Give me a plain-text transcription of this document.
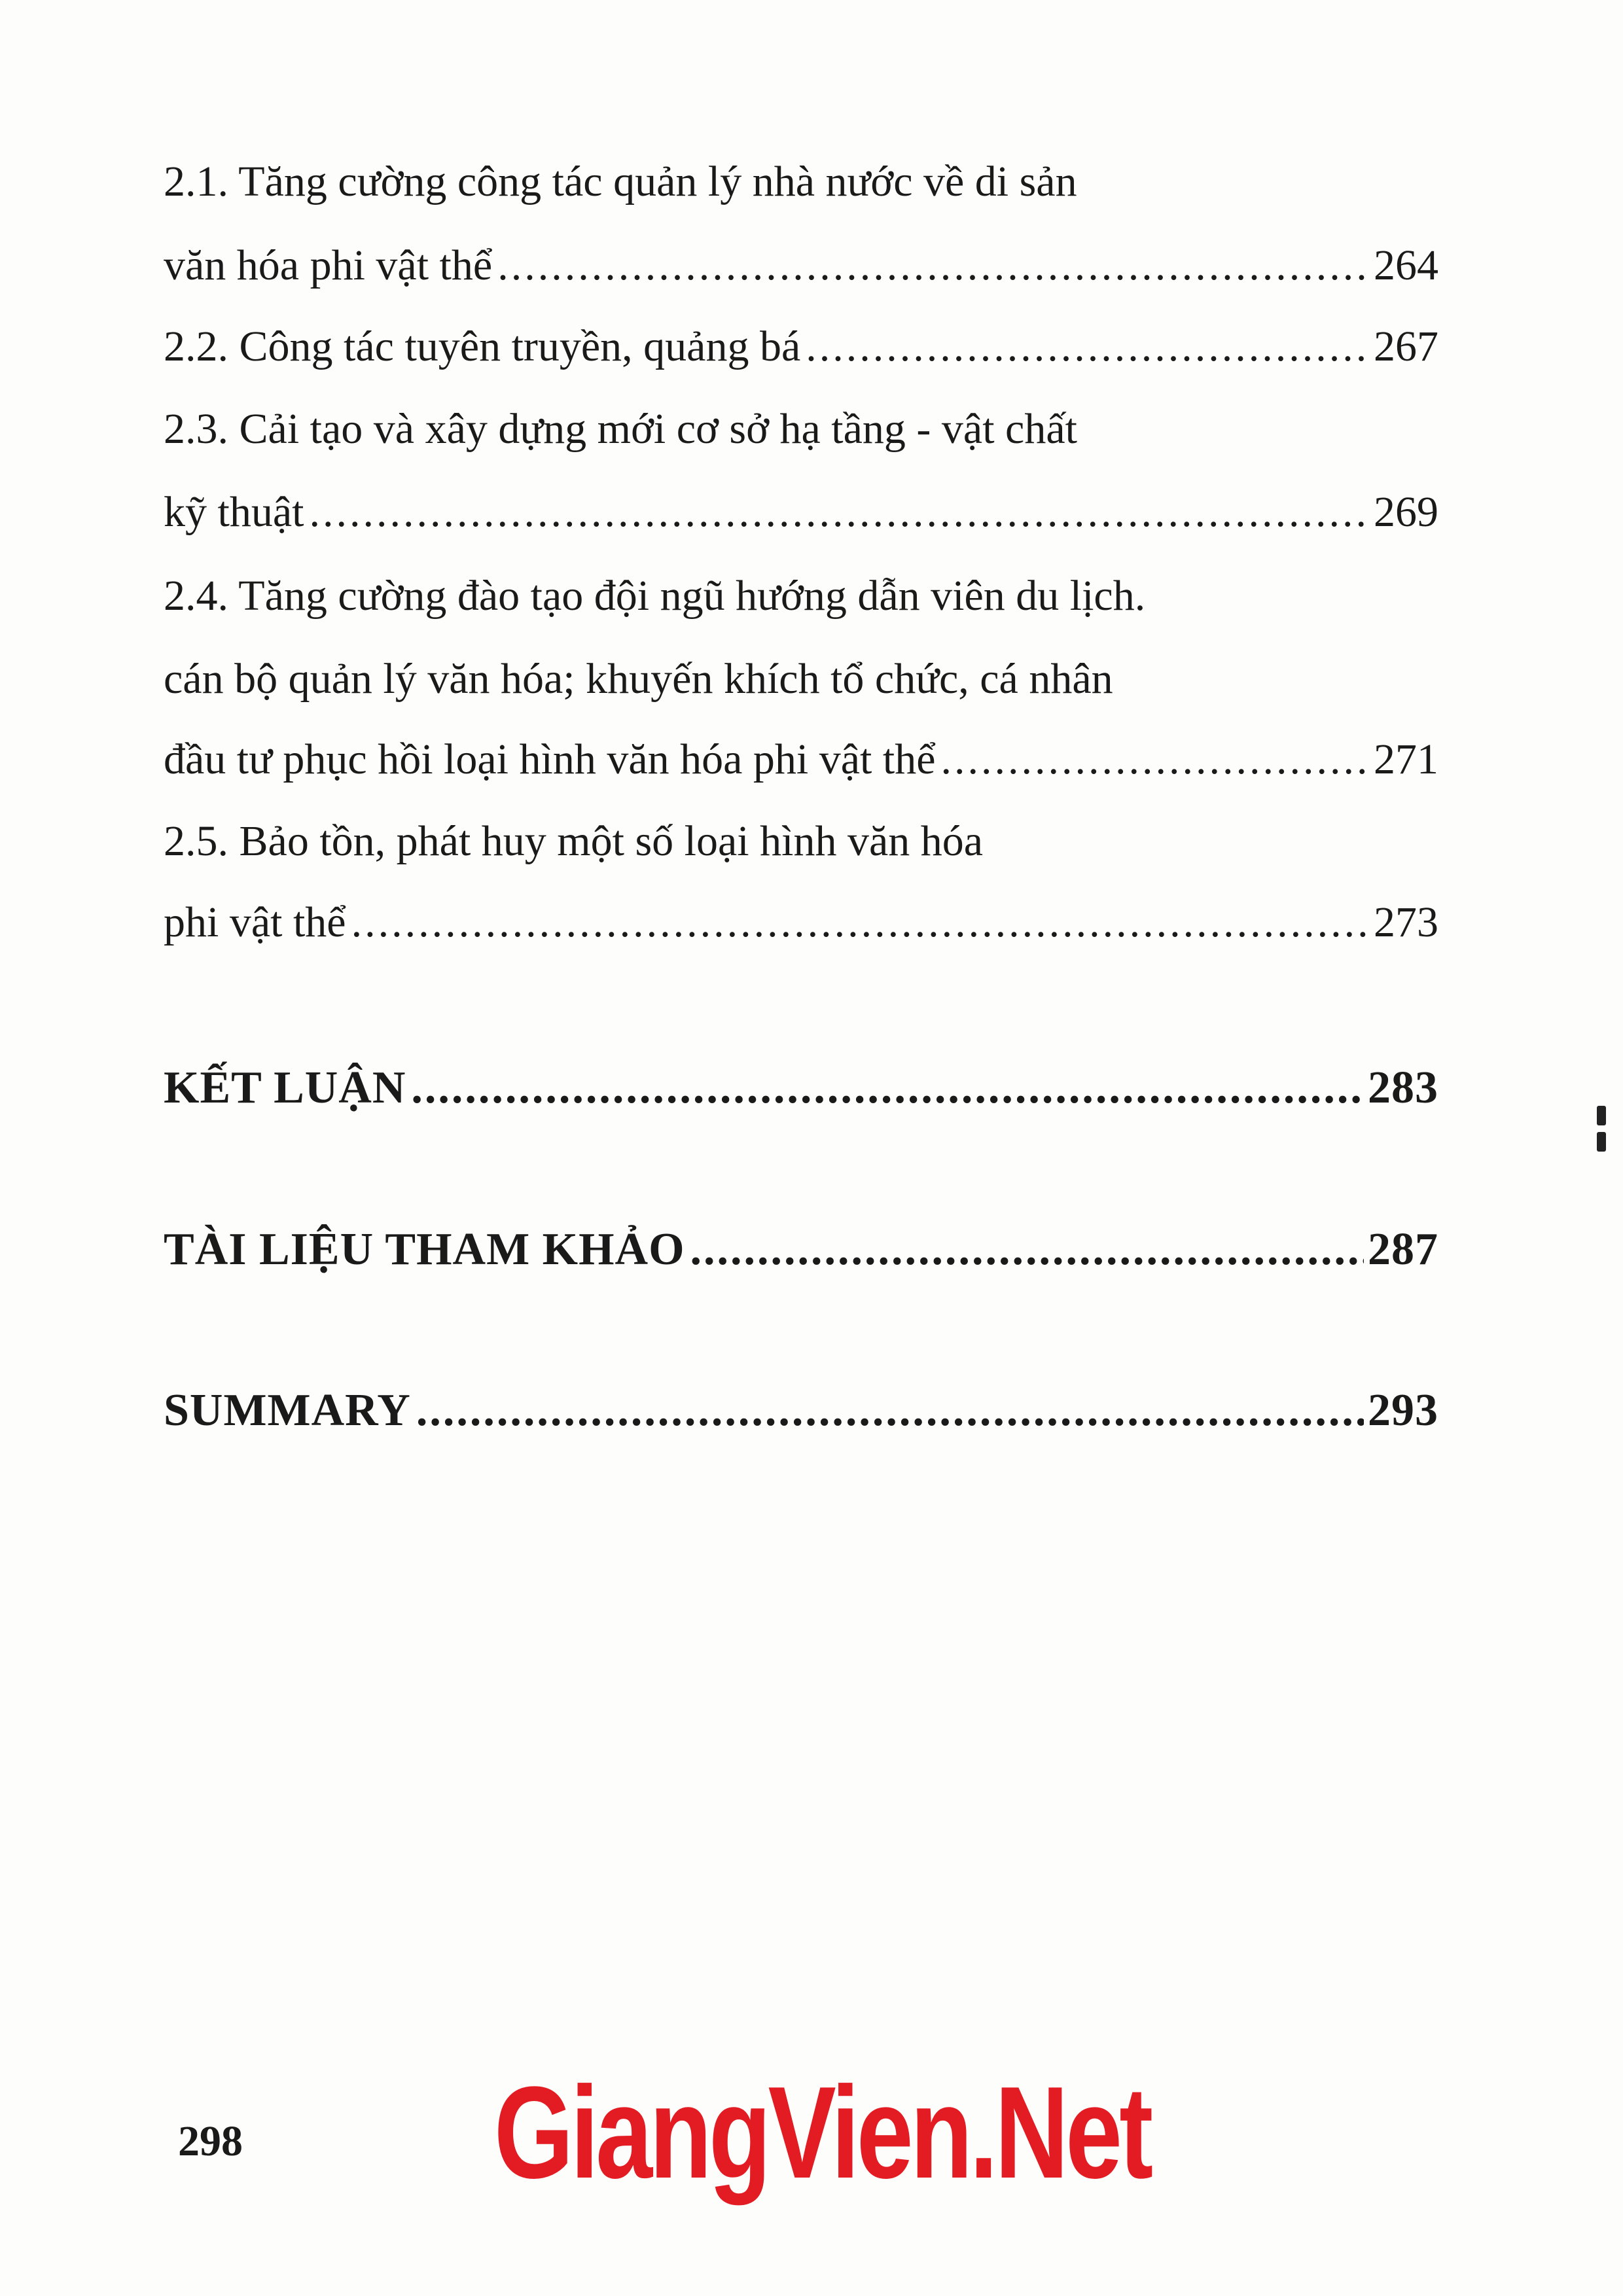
2.1. Tăng cường công tác quản lý nhà nước về di sản
văn hóa phi vật thể .....	264
2.2. Công tác tuyên truyền, quảng bá .....	267
2.3. Cải tạo và xây dựng mới cơ sở hạ tầng - vật chất
kỹ thuật .....	269
2.4. Tăng cường đào tạo đội ngũ hướng dẫn viên du lịch.
cán bộ quản lý văn hóa; khuyến khích tổ chức, cá nhân
đầu tư phục hồi loại hình văn hóa phi vật thể .....	271
2.5. Bảo tồn, phát huy một số loại hình văn hóa
phi vật thể .....	273
KẾT LUẬN .....	283
TÀI LIỆU THAM KHẢO .....	287
SUMMARY .....	293
298 GiangVien.Net
